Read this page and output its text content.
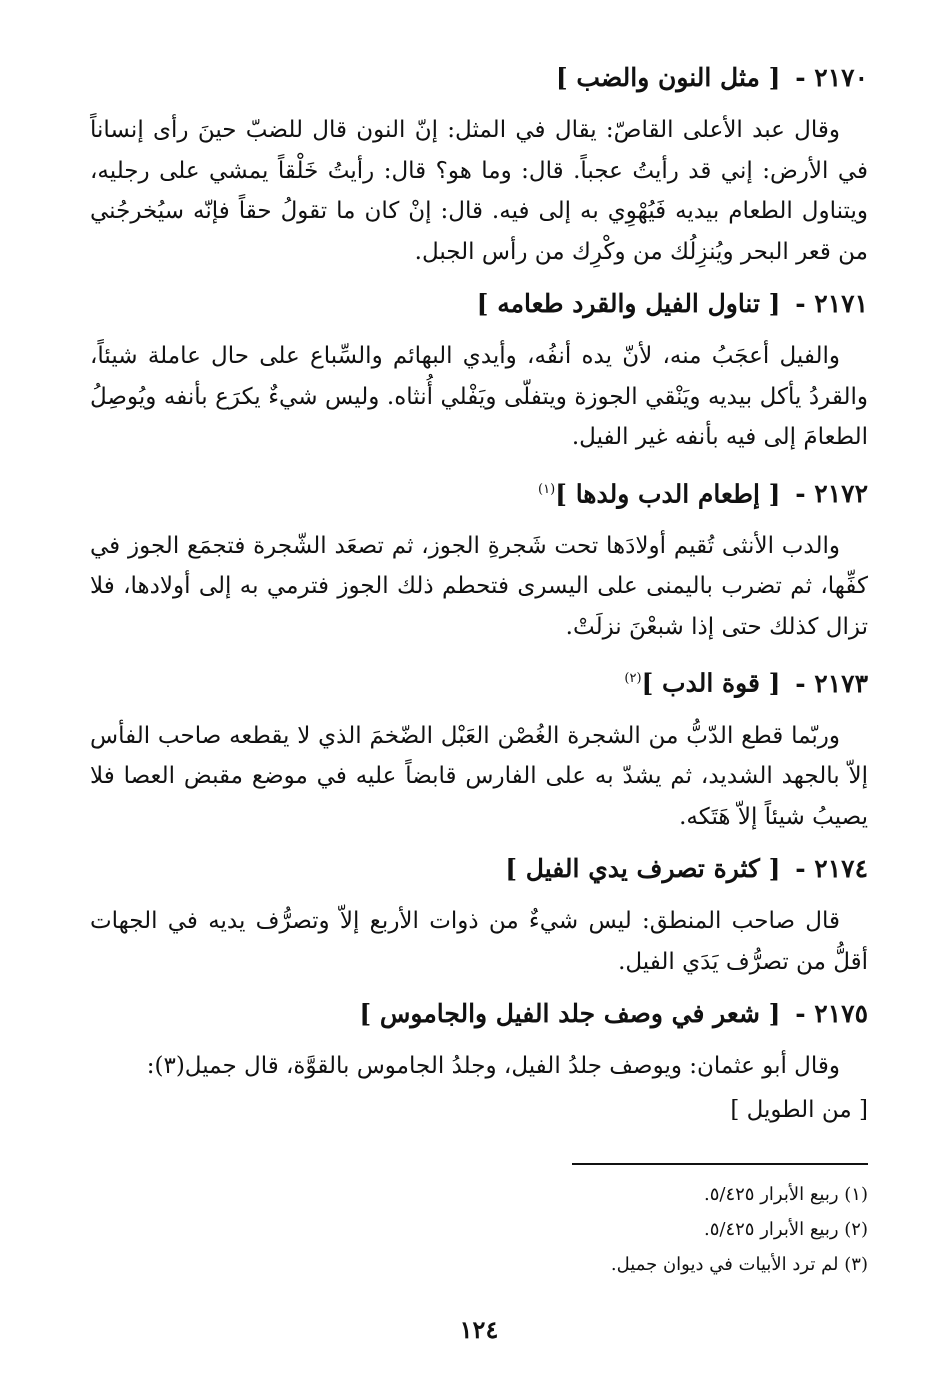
٢١٧٠ - [ مثل النون والضب ]

وقال عبد الأعلى القاصّ: يقال في المثل: إنّ النون قال للضبّ حينَ رأى إنساناً في الأرض: إني قد رأيتُ عجباً. قال: وما هو؟ قال: رأيتُ خَلْقاً يمشي على رجليه، ويتناول الطعام بيديه فَيُهْوِي به إلى فيه. قال: إنْ كان ما تقولُ حقاً فإنّه سيُخرجُني من قعر البحر ويُنزِلُك من وكْرِك من رأس الجبل.

٢١٧١ - [ تناول الفيل والقرد طعامه ]

والفيل أعجَبُ منه، لأنّ يده أنفُه، وأيدي البهائم والسِّباع على حال عاملة شيئاً، والقردُ يأكل بيديه ويَنْقي الجوزة ويتفلّى ويَفْلي أُنثاه. وليس شيءٌ يكرَع بأنفه ويُوصِلُ الطعامَ إلى فيه بأنفه غير الفيل.

٢١٧٢ - [ إطعام الدب ولدها ]$^{(١)}$

والدب الأنثى تُقيم أولادَها تحت شَجرةِ الجوز، ثم تصعَد الشّجرة فتجمَع الجوز في كفِّها، ثم تضرب باليمنى على اليسرى فتحطم ذلك الجوز فترمي به إلى أولادها، فلا تزال كذلك حتى إذا شبعْنَ نزلَتْ.

٢١٧٣ - [ قوة الدب ]$^{(٢)}$

وربّما قطع الدّبُّ من الشجرة الغُصْن العَبْل الضّخمَ الذي لا يقطعه صاحب الفأس إلاّ بالجهد الشديد، ثم يشدّ به على الفارس قابضاً عليه في موضع مقبض العصا فلا يصيبُ شيئاً إلاّ هَتَكه.

٢١٧٤ - [ كثرة تصرف يدي الفيل ]

قال صاحب المنطق: ليس شيءٌ من ذوات الأربع إلاّ وتصرُّف يديه في الجهات أقلُّ من تصرُّف يَدَي الفيل.

٢١٧٥ - [ شعر في وصف جلد الفيل والجاموس ]

وقال أبو عثمان: ويوصف جلدُ الفيل، وجلدُ الجاموس بالقوَّة، قال جميل(٣):

[ من الطويل ]

(١) ربيع الأبرار ٥/٤٢٥.

(٢) ربيع الأبرار ٥/٤٢٥.

(٣) لم ترد الأبيات في ديوان جميل.

١٢٤
